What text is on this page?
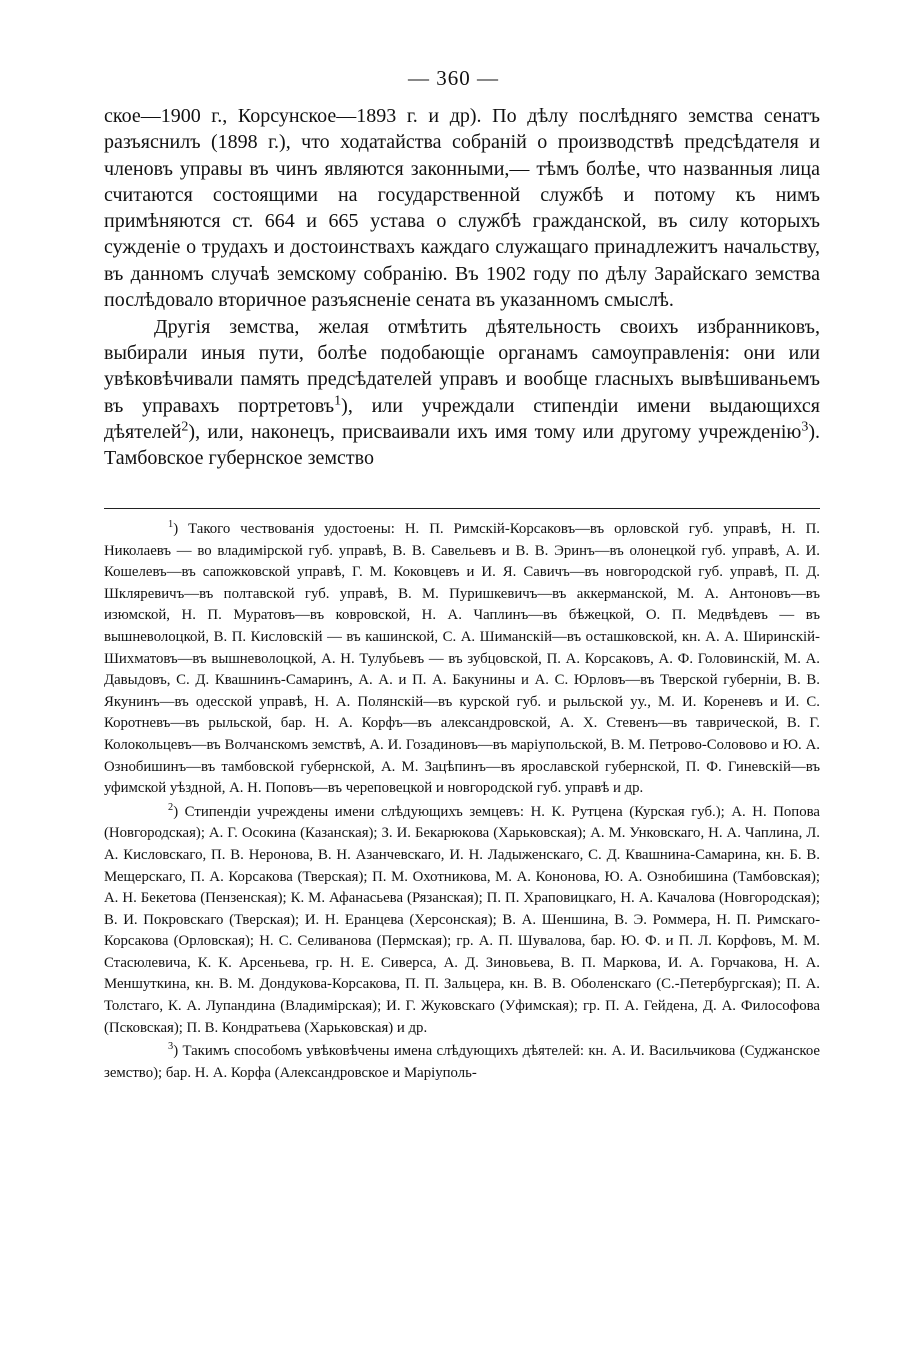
— 360 —

ское—1900 г., Корсунское—1893 г. и др). По дѣлу послѣдняго земства сенатъ разъяснилъ (1898 г.), что ходатайства собраній о производствѣ предсѣдателя и членовъ управы въ чинъ являются законными,— тѣмъ болѣе, что названныя лица считаются состоящими на государственной службѣ и потому къ нимъ примѣняются ст. 664 и 665 устава о службѣ гражданской, въ силу которыхъ сужденіе о трудахъ и достоинствахъ каждаго служащаго принадлежитъ начальству, въ данномъ случаѣ земскому собранію. Въ 1902 году по дѣлу Зарайскаго земства послѣдовало вторичное разъясненіе сената въ указанномъ смыслѣ.

Другія земства, желая отмѣтить дѣятельность своихъ избранниковъ, выбирали иныя пути, болѣе подобающіе органамъ самоуправленія: они или увѣковѣчивали память предсѣдателей управъ и вообще гласныхъ вывѣшиваньемъ въ управахъ портретовъ$^1$), или учреждали стипендіи имени выдающихся дѣятелей$^2$), или, наконецъ, присваивали ихъ имя тому или другому учрежденію$^3$). Тамбовское губернское земство

$^1$) Такого чествованія удостоены: Н. П. Римскій-Корсаковъ—въ орловской губ. управѣ, Н. П. Николаевъ — во владимірской губ. управѣ, В. В. Савельевъ и В. В. Эринъ—въ олонецкой губ. управѣ, А. И. Кошелевъ—въ сапожковской управѣ, Г. М. Коковцевъ и И. Я. Савичъ—въ новгородской губ. управѣ, П. Д. Шкляревичъ—въ полтавской губ. управѣ, В. М. Пуришкевичъ—въ аккерманской, М. А. Антоновъ—въ изюмской, Н. П. Муратовъ—въ ковровской, Н. А. Чаплинъ—въ бѣжецкой, О. П. Медвѣдевъ — въ вышневолоцкой, В. П. Кисловскій — въ кашинской, С. А. Шиманскій—въ осташковской, кн. А. А. Ширинскій-Шихматовъ—въ вышневолоцкой, А. Н. Тулубьевъ — въ зубцовской, П. А. Корсаковъ, А. Ф. Головинскій, М. А. Давыдовъ, С. Д. Квашнинъ-Самаринъ, А. А. и П. А. Бакунины и А. С. Юрловъ—въ Тверской губерніи, В. В. Якунинъ—въ одесской управѣ, Н. А. Полянскій—въ курской губ. и рыльской уу., М. И. Кореневъ и И. С. Коротневъ—въ рыльской, бар. Н. А. Корфъ—въ александровской, А. Х. Стевенъ—въ таврической, В. Г. Колокольцевъ—въ Волчанскомъ земствѣ, А. И. Гозадиновъ—въ маріупольской, В. М. Петрово-Соловово и Ю. А. Ознобишинъ—въ тамбовской губернской, А. М. Зацѣпинъ—въ ярославской губернской, П. Ф. Гиневскій—въ уфимской уѣздной, А. Н. Поповъ—въ череповецкой и новгородской губ. управѣ и др.

$^2$) Стипендіи учреждены имени слѣдующихъ земцевъ: Н. К. Рутцена (Курская губ.); А. Н. Попова (Новгородская); А. Г. Осокина (Казанская); З. И. Бекарюкова (Харьковская); А. М. Унковскаго, Н. А. Чаплина, Л. А. Кисловскаго, П. В. Неронова, В. Н. Азанчевскаго, И. Н. Ладыженскаго, С. Д. Квашнина-Самарина, кн. Б. В. Мещерскаго, П. А. Корсакова (Тверская); П. М. Охотникова, М. А. Кононова, Ю. А. Ознобишина (Тамбовская); А. Н. Бекетова (Пензенская); К. М. Афанасьева (Рязанская); П. П. Храповицкаго, Н. А. Качалова (Новгородская); В. И. Покровскаго (Тверская); И. Н. Еранцева (Херсонская); В. А. Шеншина, В. Э. Роммера, Н. П. Римскаго-Корсакова (Орловская); Н. С. Селиванова (Пермская); гр. А. П. Шувалова, бар. Ю. Ф. и П. Л. Корфовъ, М. М. Стасюлевича, К. К. Арсеньева, гр. Н. Е. Сиверса, А. Д. Зиновьева, В. П. Маркова, И. А. Горчакова, Н. А. Меншуткина, кн. В. М. Дондукова-Корсакова, П. П. Зальцера, кн. В. В. Оболенскаго (С.-Петербургская); П. А. Толстаго, К. А. Лупандина (Владимірская); И. Г. Жуковскаго (Уфимская); гр. П. А. Гейдена, Д. А. Философова (Псковская); П. В. Кондратьева (Харьковская) и др.

$^3$) Такимъ способомъ увѣковѣчены имена слѣдующихъ дѣятелей: кн. А. И. Васильчикова (Суджанское земство); бар. Н. А. Корфа (Александровское и Маріуполь-
